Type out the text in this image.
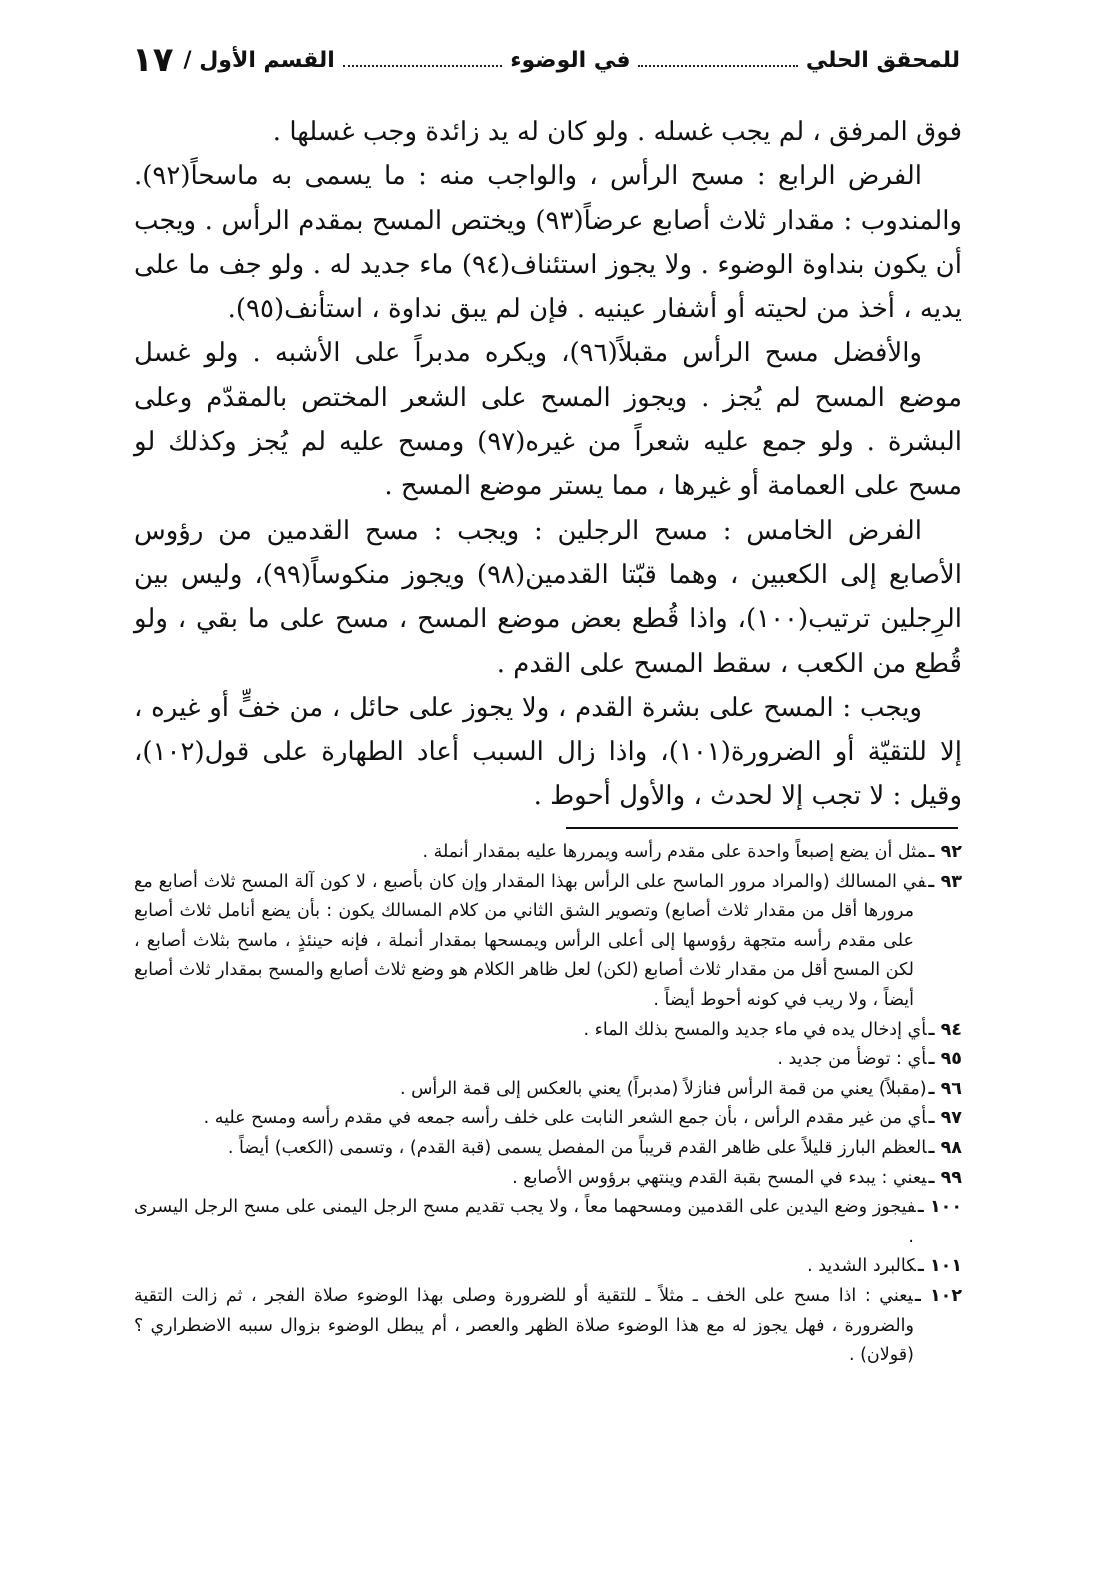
للمحقق الحلي
في الوضوء
القسم الأول /
١٧

فوق المرفق ، لم يجب غسله . ولو كان له يد زائدة وجب غسلها .

الفرض الرابع : مسح الرأس ، والواجب منه : ما يسمى به ماسحاً(٩٢). والمندوب : مقدار ثلاث أصابع عرضاً(٩٣) ويختص المسح بمقدم الرأس . ويجب أن يكون بنداوة الوضوء . ولا يجوز استئناف(٩٤) ماء جديد له . ولو جف ما على يديه ، أخذ من لحيته أو أشفار عينيه . فإن لم يبق نداوة ، استأنف(٩٥).

والأفضل مسح الرأس مقبلاً(٩٦)، ويكره مدبراً على الأشبه . ولو غسل موضع المسح لم يُجز . ويجوز المسح على الشعر المختص بالمقدّم وعلى البشرة . ولو جمع عليه شعراً من غيره(٩٧) ومسح عليه لم يُجز وكذلك لو مسح على العمامة أو غيرها ، مما يستر موضع المسح .

الفرض الخامس : مسح الرجلين : ويجب : مسح القدمين من رؤوس الأصابع إلى الكعبين ، وهما قبّتا القدمين(٩٨) ويجوز منكوساً(٩٩)، وليس بين الرِجلين ترتيب(١٠٠)، واذا قُطع بعض موضع المسح ، مسح على ما بقي ، ولو قُطع من الكعب ، سقط المسح على القدم .

ويجب : المسح على بشرة القدم ، ولا يجوز على حائل ، من خفٍّ أو غيره ، إلا للتقيّة أو الضرورة(١٠١)، واذا زال السبب أعاد الطهارة على قول(١٠٢)، وقيل : لا تجب إلا لحدث ، والأول أحوط .

٩٢ ـمثل أن يضع إصبعاً واحدة على مقدم رأسه ويمررها عليه بمقدار أنملة .

٩٣ ـفي المسالك (والمراد مرور الماسح على الرأس بهذا المقدار وإن كان بأصبع ، لا كون آلة المسح ثلاث أصابع مع مرورها أقل من مقدار ثلاث أصابع) وتصوير الشق الثاني من كلام المسالك يكون : بأن يضع أنامل ثلاث أصابع على مقدم رأسه متجهة رؤوسها إلى أعلى الرأس ويمسحها بمقدار أنملة ، فإنه حينئذٍ ، ماسح بثلاث أصابع ، لكن المسح أقل من مقدار ثلاث أصابع (لكن) لعل ظاهر الكلام هو وضع ثلاث أصابع والمسح بمقدار ثلاث أصابع أيضاً ، ولا ريب في كونه أحوط أيضاً .

٩٤ ـأي إدخال يده في ماء جديد والمسح بذلك الماء .

٩٥ ـأي : توضأ من جديد .

٩٦ ـ(مقبلاً) يعني من قمة الرأس فنازلاً (مدبراً) يعني بالعكس إلى قمة الرأس .

٩٧ ـأي من غير مقدم الرأس ، بأن جمع الشعر النابت على خلف رأسه جمعه في مقدم رأسه ومسح عليه .

٩٨ ـالعظم البارز قليلاً على ظاهر القدم قريباً من المفصل يسمى (قبة القدم) ، وتسمى (الكعب) أيضاً .

٩٩ ـيعني : يبدء في المسح بقبة القدم وينتهي برؤوس الأصابع .

١٠٠ ـفيجوز وضع اليدين على القدمين ومسحهما معاً ، ولا يجب تقديم مسح الرجل اليمنى على مسح الرجل اليسرى .

١٠١ ـكالبرد الشديد .

١٠٢ ـيعني : اذا مسح على الخف ـ مثلاً ـ للتقية أو للضرورة وصلى بهذا الوضوء صلاة الفجر ، ثم زالت التقية والضرورة ، فهل يجوز له مع هذا الوضوء صلاة الظهر والعصر ، أم يبطل الوضوء بزوال سببه الاضطراري ؟ (قولان) .
